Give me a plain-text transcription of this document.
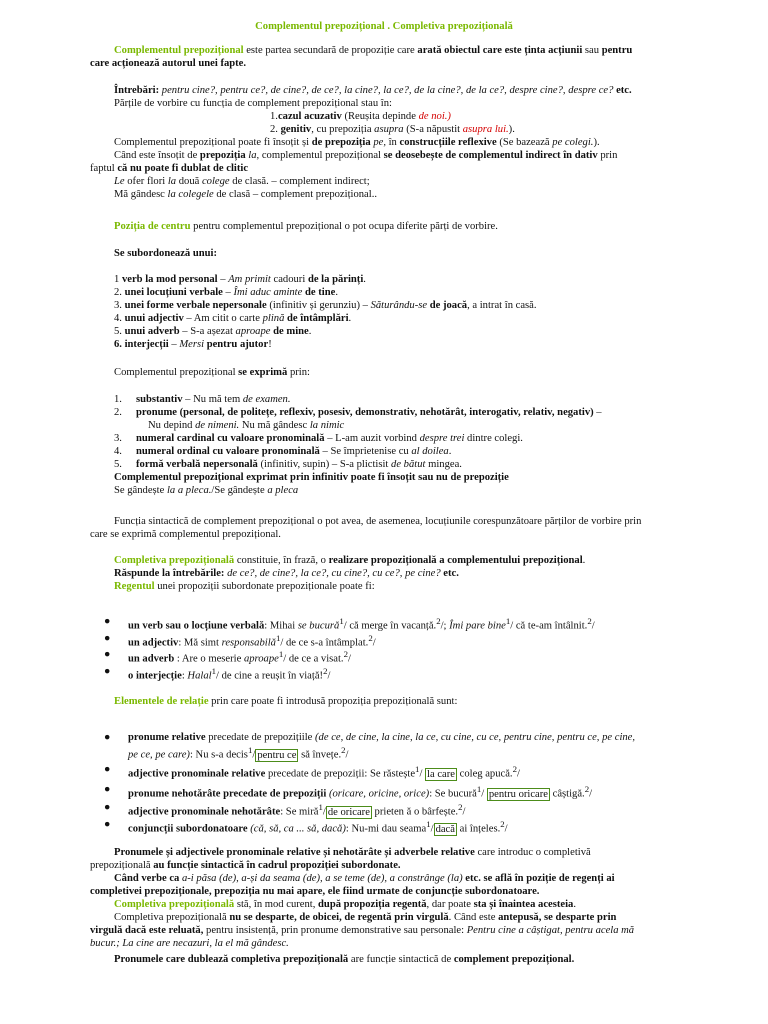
Complementul prepozițional . Completiva prepozițională
Complementul prepozițional este partea secundară de propoziție care arată obiectul care este ținta acțiunii sau pentru
care acționează autorul unei fapte.
Întrebări: pentru cine?, pentru ce?, de cine?, de ce?, la cine?, la ce?, de la cine?, de la ce?, despre cine?, despre ce? etc.
Părțile de vorbire cu funcția de complement prepozițional stau în:
1.cazul acuzativ (Reușita depinde de noi.)
2. genitiv, cu prepoziția asupra (S-a năpustit asupra lui.).
Complementul prepozițional poate fi însoțit și de prepoziția pe, în construcțiile reflexive (Se bazează pe colegi.).
Când este însoțit de prepoziția la, complementul prepozițional se deosebește de complementul indirect în dativ prin
faptul că nu poate fi dublat de clitic
Le ofer flori la două colege de clasă. – complement indirect;
Mă gândesc la colegele de clasă – complement prepozițional..
Poziția de centru pentru complementul prepozițional o pot ocupa diferite părți de vorbire.
Se subordonează unui:
1 verb la mod personal – Am primit cadouri de la părinți.
2. unei locuțiuni verbale – Îmi aduc aminte de tine.
3. unei forme verbale nepersonale (infinitiv și gerunziu) – Săturându-se de joacă, a intrat în casă.
4. unui adjectiv – Am citit o carte plină de întâmplări.
5. unui adverb – S-a așezat aproape de mine.
6. interjecții – Mersi pentru ajutor!
Complementul prepozițional se exprimă prin:
1. substantiv – Nu mă tem de examen.
2. pronume (personal, de politețe, reflexiv, posesiv, demonstrativ, nehotărât, interogativ, relativ, negativ) –
Nu depind de nimeni. Nu mă gândesc la nimic
3. numeral cardinal cu valoare pronominală – L-am auzit vorbind despre trei dintre colegi.
4. numeral ordinal cu valoare pronominală – Se împrietenise cu al doilea.
5. formă verbală nepersonală (infinitiv, supin) – S-a plictisit de bătut mingea.
Complementul prepozițional exprimat prin infinitiv poate fi însoțit sau nu de prepoziție
Se gândește la a pleca./Se gândește a pleca
Funcția sintactică de complement prepozițional o pot avea, de asemenea, locuțiunile corespunzătoare părților de vorbire prin
care se exprimă complementul prepozițional.
Completiva prepozițională constituie, în frază, o realizare propozițională a complementului prepozițional.
Răspunde la întrebările: de ce?, de cine?, la ce?, cu cine?, cu ce?, pe cine? etc.
Regentul unei propoziții subordonate prepoziționale poate fi:
● un verb sau o locțiune verbală: Mihai se bucură$^1$/ că merge în vacanță.$^2$/; Îmi pare bine$^1$/ că te-am întâlnit.$^2$/
● un adjectiv: Mă simt responsabilă$^1$/ de ce s-a întâmplat.$^2$/
● un adverb : Are o meserie aproape$^1$/ de ce a visat.$^2$/
● o interjecție: Halal$^1$/ de cine a reușit în viață!$^2$/
Elementele de relație prin care poate fi introdusă propoziția prepozițională sunt:
● pronume relative precedate de prepozițiile (de ce, de cine, la cine, la ce, cu cine, cu ce, pentru cine, pentru ce, pe cine,
pe ce, pe care): Nu s-a decis$^1$/ pentru ce să învețe.$^2$/
● adjective pronominale relative precedate de prepoziții: Se răstește$^1$/ la care coleg apucă.$^2$/
● pronume nehotărâte precedate de prepoziții (oricare, oricine, orice): Se bucură$^1$/ pentru oricare câștigă.$^2$/
● adjective pronominale nehotărâte: Se miră$^1$/ de oricare prieten ă o bârfește.$^2$/
● conjuncții subordonatoare (că, să, ca ... să, dacă): Nu-mi dau seama$^1$/ dacă ai înțeles.$^2$/
Pronumele și adjectivele pronominale relative și nehotărâte și adverbele relative care introduc o completivă
prepozițională au funcție sintactică în cadrul propoziției subordonate.
Când verbe ca a-i păsa (de), a-și da seama (de), a se teme (de), a constrânge (la) etc. se află în poziție de regenți ai
completivei prepoziționale, prepoziția nu mai apare, ele fiind urmate de conjuncție subordonatoare.
Completiva prepozițională stă, în mod curent, după propoziția regentă, dar poate sta și înaintea acesteia.
Completiva prepozițională nu se desparte, de obicei, de regentă prin virgulă. Când este antepusă, se desparte prin
virgulă dacă este reluată, pentru insistență, prin pronume demonstrative sau personale: Pentru cine a câștigat, pentru acela mă
bucur.; La cine are necazuri, la el mă gândesc.
Pronumele care dublează completiva prepozițională are funcție sintactică de complement prepozițional.
